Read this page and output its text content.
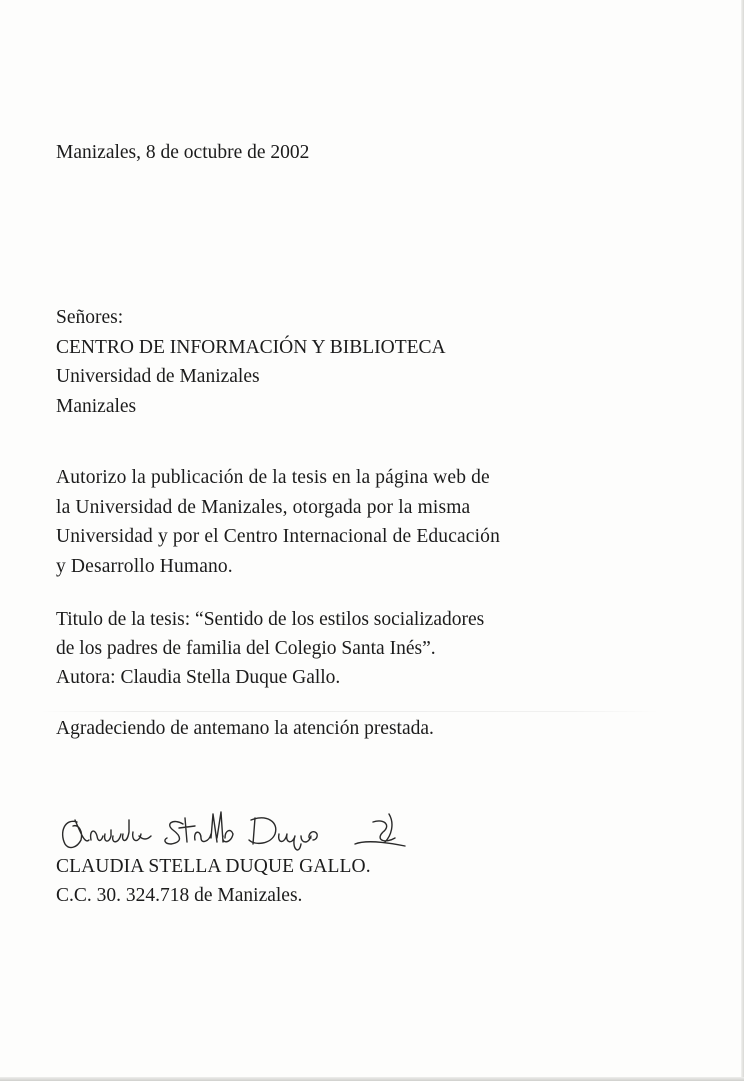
Manizales, 8 de octubre de 2002

Señores:
CENTRO DE INFORMACIÓN Y BIBLIOTECA
Universidad de Manizales
Manizales
Autorizo la publicación de la tesis en la página web de
la Universidad de Manizales, otorgada por la misma
Universidad y por el Centro Internacional de Educación
y Desarrollo Humano.
Titulo de la tesis: “Sentido de los estilos socializadores
de los padres de familia del Colegio Santa Inés”.
Autora: Claudia Stella Duque Gallo.

Agradeciendo de antemano la atención prestada.

CLAUDIA STELLA DUQUE GALLO.

C.C. 30. 324.718 de Manizales.
